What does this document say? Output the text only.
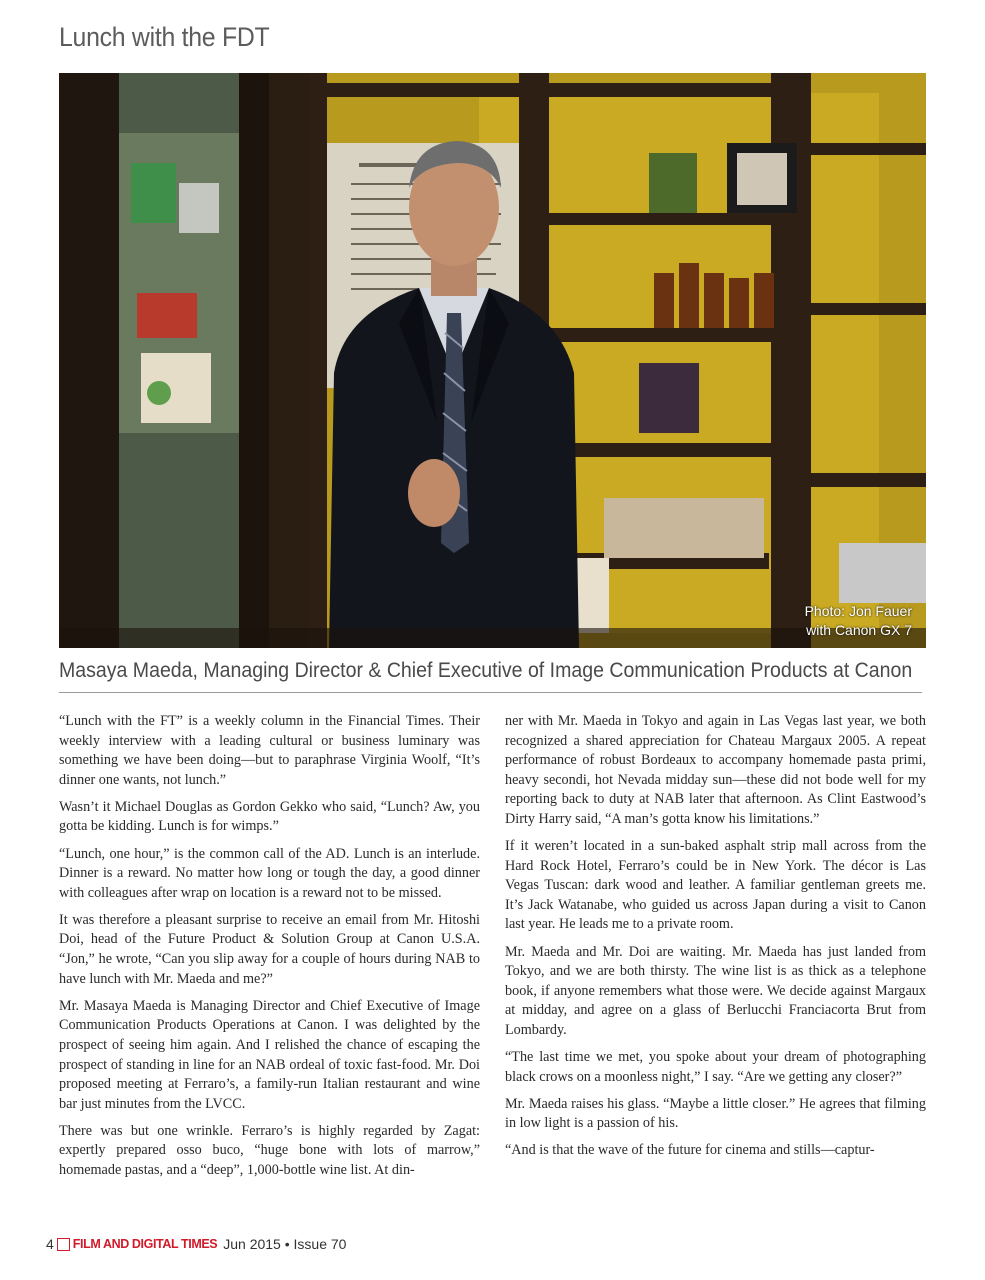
Lunch with the FDT
Photo: Jon Fauer
with Canon GX 7
Masaya Maeda, Managing Director & Chief Executive of Image Communication Products at Canon

“Lunch with the FT” is a weekly column in the Financial Times. Their weekly interview with a leading cultural or business luminary was something we have been doing—but to paraphrase Virginia Woolf, “It’s dinner one wants, not lunch.”

Wasn’t it Michael Douglas as Gordon Gekko who said, “Lunch? Aw, you gotta be kidding. Lunch is for wimps.”

“Lunch, one hour,” is the common call of the AD. Lunch is an interlude. Dinner is a reward. No matter how long or tough the day, a good dinner with colleagues after wrap on location is a reward not to be missed.

It was therefore a pleasant surprise to receive an email from Mr. Hitoshi Doi, head of the Future Product & Solution Group at Canon U.S.A. “Jon,” he wrote, “Can you slip away for a couple of hours during NAB to have lunch with Mr. Maeda and me?”

Mr. Masaya Maeda is Managing Director and Chief Executive of Image Communication Products Operations at Canon. I was delighted by the prospect of seeing him again. And I relished the chance of escaping the prospect of standing in line for an NAB ordeal of toxic fast-food. Mr. Doi proposed meeting at Ferraro’s, a family-run Italian restaurant and wine bar just minutes from the LVCC.

There was but one wrinkle. Ferraro’s is highly regarded by Zagat: expertly prepared osso buco, “huge bone with lots of marrow,” homemade pastas, and a “deep”, 1,000-bottle wine list. At din-

ner with Mr. Maeda in Tokyo and again in Las Vegas last year, we both recognized a shared appreciation for Chateau Margaux 2005. A repeat performance of robust Bordeaux to accompany homemade pasta primi, heavy secondi, hot Nevada midday sun—these did not bode well for my reporting back to duty at NAB later that afternoon. As Clint Eastwood’s Dirty Harry said, “A man’s gotta know his limitations.”

If it weren’t located in a sun-baked asphalt strip mall across from the Hard Rock Hotel, Ferraro’s could be in New York. The décor is Las Vegas Tuscan: dark wood and leather. A familiar gentleman greets me. It’s Jack Watanabe, who guided us across Japan during a visit to Canon last year. He leads me to a private room.

Mr. Maeda and Mr. Doi are waiting. Mr. Maeda has just landed from Tokyo, and we are both thirsty. The wine list is as thick as a telephone book, if anyone remembers what those were. We decide against Margaux at midday, and agree on a glass of Berlucchi Franciacorta Brut from Lombardy.

“The last time we met, you spoke about your dream of photographing black crows on a moonless night,” I say. “Are we getting any closer?”

Mr. Maeda raises his glass. “Maybe a little closer.” He agrees that filming in low light is a passion of his.

“And is that the wave of the future for cinema and stills—captur-

4 FILM AND DIGITAL TIMES Jun 2015 • Issue 70
